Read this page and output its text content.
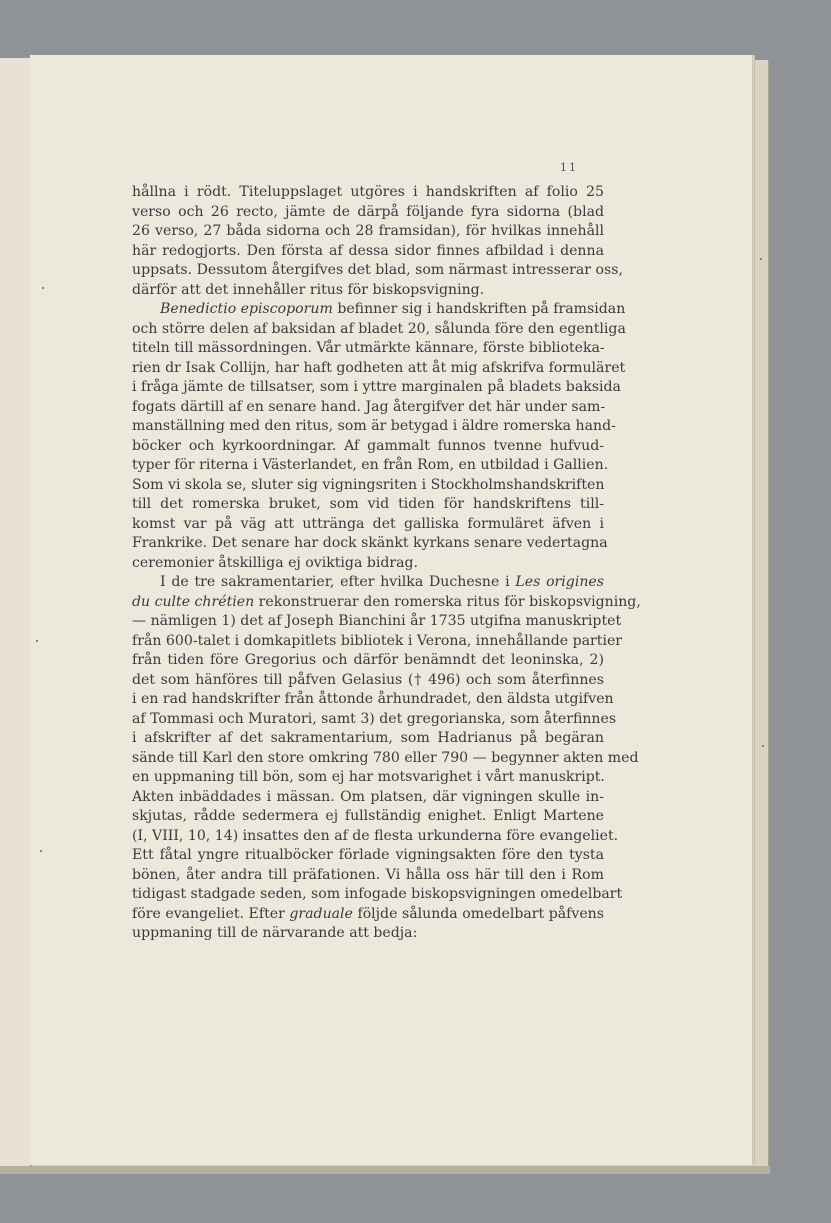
11
hållna i rödt. Titeluppslaget utgöres i handskriften af folio 25
verso och 26 recto, jämte de därpå följande fyra sidorna (blad
26 verso, 27 båda sidorna och 28 framsidan), för hvilkas innehåll
här redogjorts. Den första af dessa sidor finnes afbildad i denna
uppsats. Dessutom återgifves det blad, som närmast intresserar oss,
därför att det innehåller ritus för biskopsvigning.
Benedictio episcoporum befinner sig i handskriften på framsidan
och större delen af baksidan af bladet 20, sålunda före den egentliga
titeln till mässordningen. Vår utmärkte kännare, förste biblioteka-
rien dr Isak Collijn, har haft godheten att åt mig afskrifva formuläret
i fråga jämte de tillsatser, som i yttre marginalen på bladets baksida
fogats därtill af en senare hand. Jag återgifver det här under sam-
manställning med den ritus, som är betygad i äldre romerska hand-
böcker och kyrkoordningar. Af gammalt funnos tvenne hufvud-
typer för riterna i Västerlandet, en från Rom, en utbildad i Gallien.
Som vi skola se, sluter sig vigningsriten i Stockholmshandskriften
till det romerska bruket, som vid tiden för handskriftens till-
komst var på väg att uttränga det galliska formuläret äfven i
Frankrike. Det senare har dock skänkt kyrkans senare vedertagna
ceremonier åtskilliga ej oviktiga bidrag.
I de tre sakramentarier, efter hvilka Duchesne i Les origines
du culte chrétien rekonstruerar den romerska ritus för biskopsvigning,
— nämligen 1) det af Joseph Bianchini år 1735 utgifna manuskriptet
från 600-talet i domkapitlets bibliotek i Verona, innehållande partier
från tiden före Gregorius och därför benämndt det leoninska, 2)
det som hänföres till påfven Gelasius († 496) och som återfinnes
i en rad handskrifter från åttonde århundradet, den äldsta utgifven
af Tommasi och Muratori, samt 3) det gregorianska, som återfinnes
i afskrifter af det sakramentarium, som Hadrianus på begäran
sände till Karl den store omkring 780 eller 790 — begynner akten med
en uppmaning till bön, som ej har motsvarighet i vårt manuskript.
Akten inbäddades i mässan. Om platsen, där vigningen skulle in-
skjutas, rådde sedermera ej fullständig enighet. Enligt Martene
(I, VIII, 10, 14) insattes den af de flesta urkunderna före evangeliet.
Ett fåtal yngre ritualböcker förlade vigningsakten före den tysta
bönen, åter andra till präfationen. Vi hålla oss här till den i Rom
tidigast stadgade seden, som infogade biskopsvigningen omedelbart
före evangeliet. Efter graduale följde sålunda omedelbart påfvens
uppmaning till de närvarande att bedja:
